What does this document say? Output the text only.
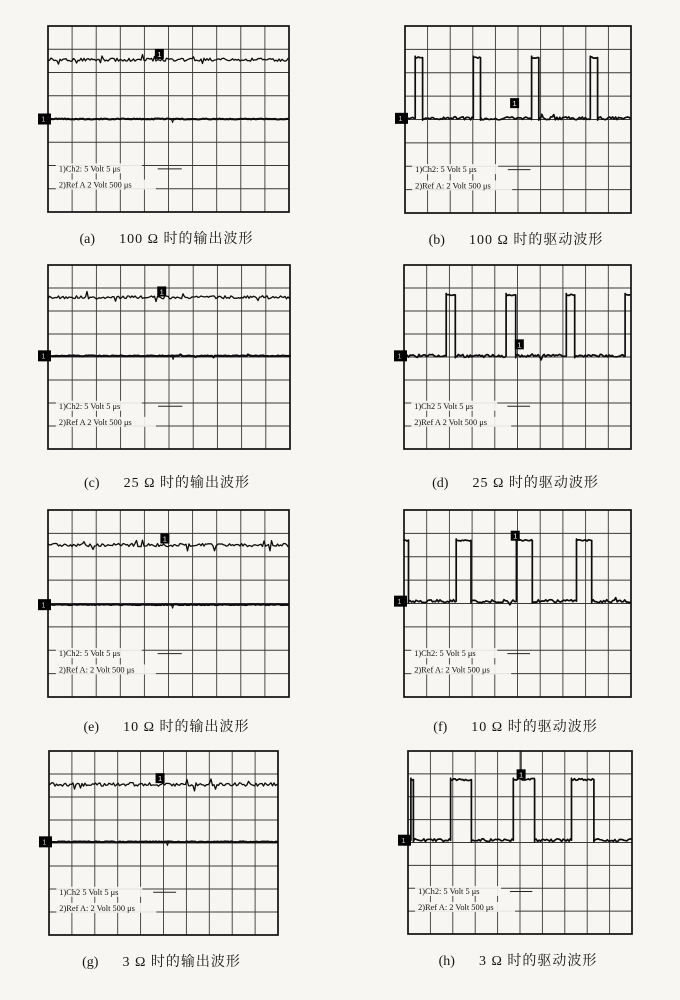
1
1
1)Ch2: 5 Volt 5 μs
2)Ref A 2 Volt 500 μs
(a) 100 Ω 时的输出波形
1
1
1)Ch2: 5 Volt 5 μs
2)Ref A: 2 Volt 500 μs
(b) 100 Ω 时的驱动波形
1
1
1)Ch2: 5 Volt 5 μs
2)Ref A 2 Volt 500 μs
(c) 25 Ω 时的输出波形
1
1
1)Ch2 5 Volt 5 μs
2)Ref A 2 Volt 500 μs
(d) 25 Ω 时的驱动波形
1
1
1)Ch2: 5 Volt 5 μs
2)Ref A: 2 Volt 500 μs
(e) 10 Ω 时的输出波形
1
1
1)Ch2: 5 Volt 5 μs
2)Ref A: 2 Volt 500 μs
(f) 10 Ω 时的驱动波形
1
1
1)Ch2 5 Volt 5 μs
2)Ref A: 2 Volt 500 μs
(g) 3 Ω 时的输出波形
1
1
1)Ch2: 5 Volt 5 μs
2)Ref A: 2 Volt 500 μs
(h) 3 Ω 时的驱动波形
